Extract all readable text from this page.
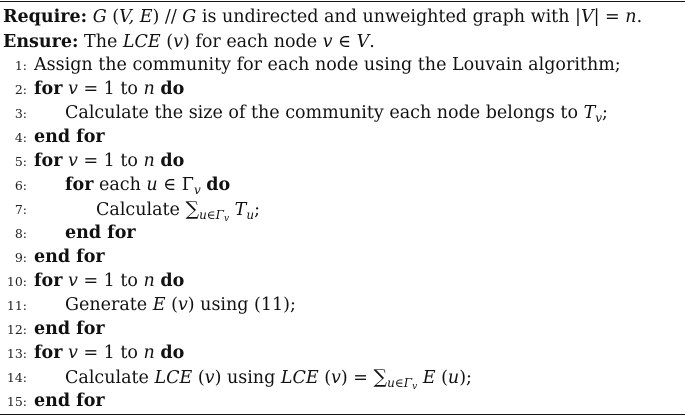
Require: G (V, E) // G is undirected and unweighted graph with |V| = n.
Ensure: The LCE (v) for each node v ∈ V.
1: Assign the community for each node using the Louvain algorithm;
2: for v = 1 to n do
3: Calculate the size of the community each node belongs to $T_v$;
4: end for
5: for v = 1 to n do
6: for each u ∈ $\Gamma_v$ do
7:	Calculate $\sum_{u\in\Gamma v}$ $T_u$;
8: end for
9: end for
10: for v = 1 to n do
11: Generate E (v) using (11);
12: end for
13: for v = 1 to n do
14: Calculate LCE (v) using LCE $(v) = \sum_{u\in\Gamma v}$ E (u);
15: end for
